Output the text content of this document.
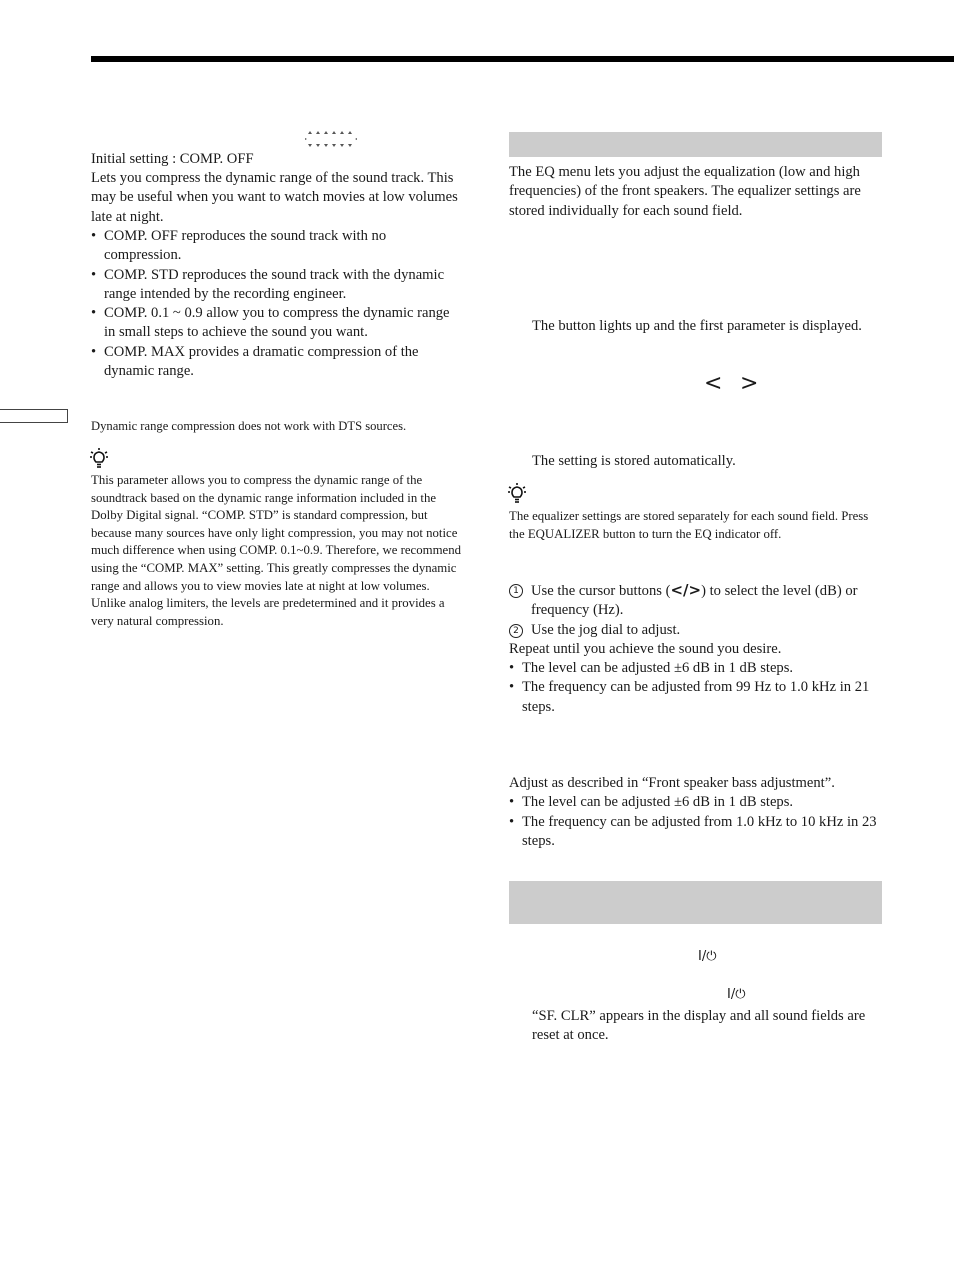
Initial setting : COMP. OFF

Lets you compress the dynamic range of the sound track. This may be useful when you want to watch movies at low volumes late at night.

• COMP. OFF reproduces the sound track with no compression.
• COMP. STD reproduces the sound track with the dynamic range intended by the recording engineer.
• COMP. 0.1 ~ 0.9 allow you to compress the dynamic range in small steps to achieve the sound you want.
• COMP. MAX provides a dramatic compression of the dynamic range.

Dynamic range compression does not work with DTS sources.

This parameter allows you to compress the dynamic range of the soundtrack based on the dynamic range information included in the Dolby Digital signal. “COMP. STD” is standard compression, but because many sources have only light compression, you may not notice much difference when using COMP. 0.1~0.9. Therefore, we recommend using the “COMP. MAX” setting. This greatly compresses the dynamic range and allows you to view movies late at night at low volumes. Unlike analog limiters, the levels are predetermined and it provides a very natural compression.

The EQ menu lets you adjust the equalization (low and high frequencies) of the front speakers. The equalizer settings are stored individually for each sound field.

The button lights up and the first parameter is displayed.

< >

The setting is stored automatically.

The equalizer settings are stored separately for each sound field. Press the EQUALIZER button to turn the EQ indicator off.

1 Use the cursor buttons (</>) to select the level (dB) or frequency (Hz).
2 Use the jog dial to adjust.

Repeat until you achieve the sound you desire.

• The level can be adjusted ±6 dB in 1 dB steps.
• The frequency can be adjusted from 99 Hz to 1.0 kHz in 21 steps.

Adjust as described in “Front speaker bass adjustment”.

• The level can be adjusted ±6 dB in 1 dB steps.
• The frequency can be adjusted from 1.0 kHz to 10 kHz in 23 steps.
I/⏻
I/⏻

“SF. CLR” appears in the display and all sound fields are reset at once.
